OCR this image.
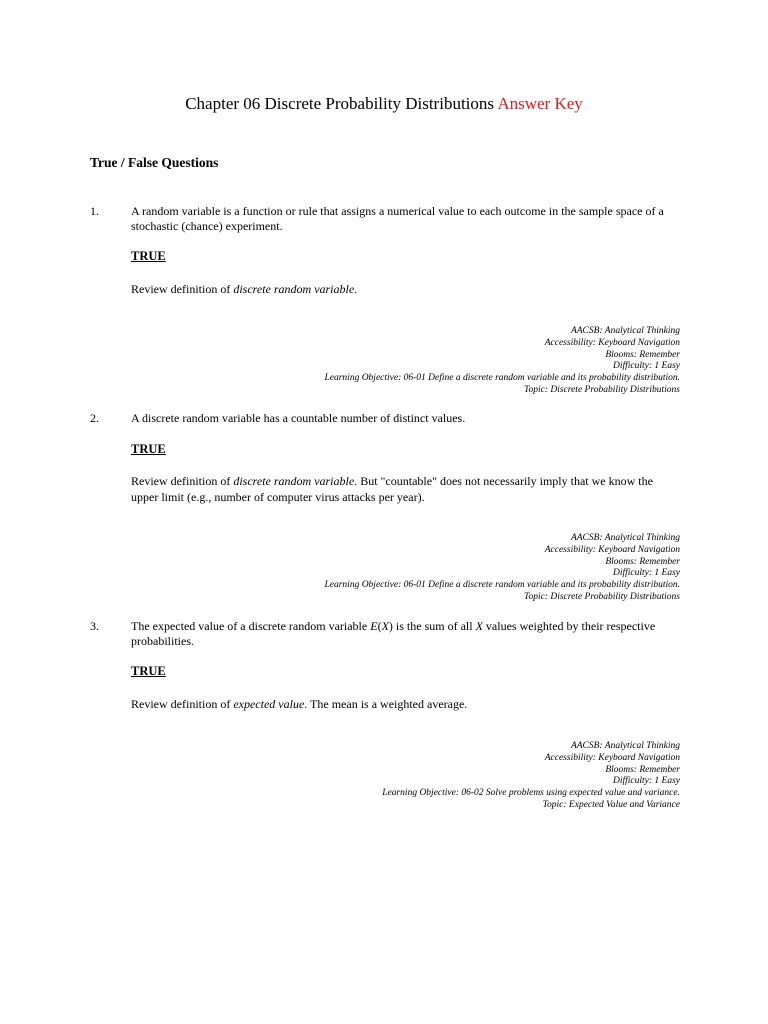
Chapter 06 Discrete Probability Distributions Answer Key
True / False Questions
1.	A random variable is a function or rule that assigns a numerical value to each outcome in the sample space of a stochastic (chance) experiment.
TRUE
Review definition of discrete random variable.
AACSB: Analytical Thinking
Accessibility: Keyboard Navigation
Blooms: Remember
Difficulty: 1 Easy
Learning Objective: 06-01 Define a discrete random variable and its probability distribution.
Topic: Discrete Probability Distributions
2.	A discrete random variable has a countable number of distinct values.
TRUE
Review definition of discrete random variable. But "countable" does not necessarily imply that we know the upper limit (e.g., number of computer virus attacks per year).
AACSB: Analytical Thinking
Accessibility: Keyboard Navigation
Blooms: Remember
Difficulty: 1 Easy
Learning Objective: 06-01 Define a discrete random variable and its probability distribution.
Topic: Discrete Probability Distributions
3.	The expected value of a discrete random variable E(X) is the sum of all X values weighted by their respective probabilities.
TRUE
Review definition of expected value. The mean is a weighted average.
AACSB: Analytical Thinking
Accessibility: Keyboard Navigation
Blooms: Remember
Difficulty: 1 Easy
Learning Objective: 06-02 Solve problems using expected value and variance.
Topic: Expected Value and Variance
